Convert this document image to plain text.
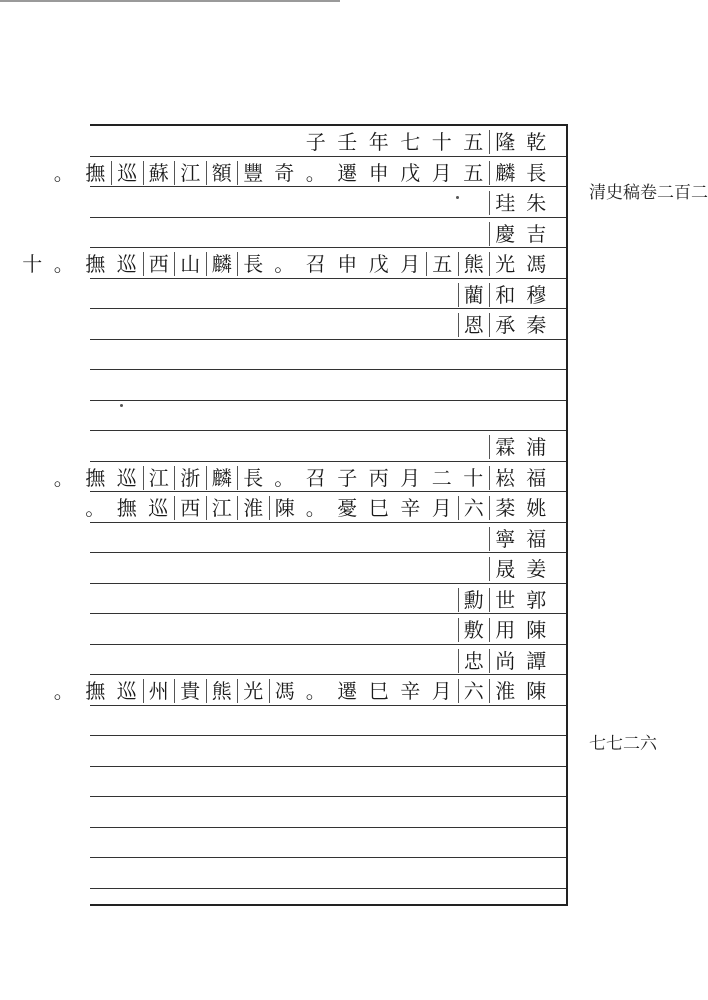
乾隆五十七年壬子
長麟五月戊申遷。奇豐額江蘇巡撫。
朱珪
吉慶
馮光熊五月戊申召。長麟山西巡撫。十
穆和藺
秦承恩
浦霖
福崧十二月丙子召。長麟浙江巡撫。
姚棻六月辛巳憂。陳淮江西巡撫。
福寧
姜晟
郭世勳
陳用敷
譚尚忠
陳淮六月辛巳遷。馮光熊貴州巡撫。
清史稿卷二百二
七七二六
